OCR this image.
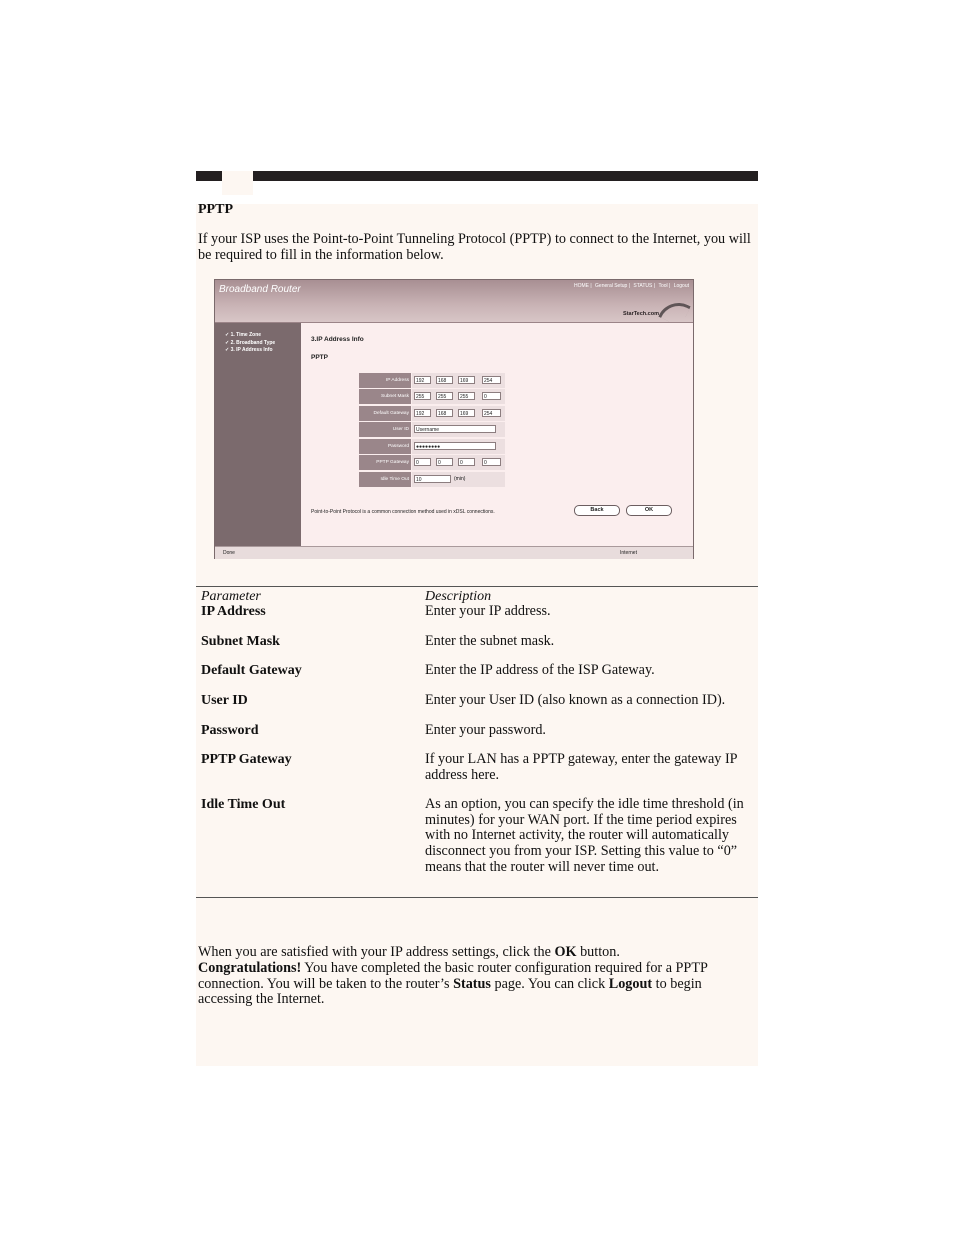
PPTP
If your ISP uses the Point-to-Point Tunneling Protocol (PPTP) to connect to the Internet, you will be required to fill in the information below.
Broadband Router	HOME | General Setup | STATUS | Tool | Logout
StarTech.com
✓ 1. Time Zone
✓ 2. Broadband Type
✓ 3. IP Address Info
3.IP Address Info
PPTP
IP Address	192	168	169	254
Subnet Mask	255	255	255	0
Default Gateway	192	168	169	254
User ID	Username
Password	●●●●●●●●
PPTP Gateway	0	0	0	0
Idle Time Out	10	(min)
Point-to-Point Protocol is a common connection method used in xDSL connections.	Back	OK
Done	Internet
Parameter	Description
IP Address	Enter your IP address.
Subnet Mask	Enter the subnet mask.
Default Gateway	Enter the IP address of the ISP Gateway.
User ID	Enter your User ID (also known as a connection ID).
Password	Enter your password.
PPTP Gateway	If your LAN has a PPTP gateway, enter the gateway IP address here.
Idle Time Out	As an option, you can specify the idle time threshold (in minutes) for your WAN port. If the time period expires with no Internet activity, the router will automatically disconnect you from your ISP. Setting this value to “0” means that the router will never time out.
When you are satisfied with your IP address settings, click the OK button.
Congratulations! You have completed the basic router configuration required for a PPTP connection. You will be taken to the router’s Status page. You can click Logout to begin accessing the Internet.
